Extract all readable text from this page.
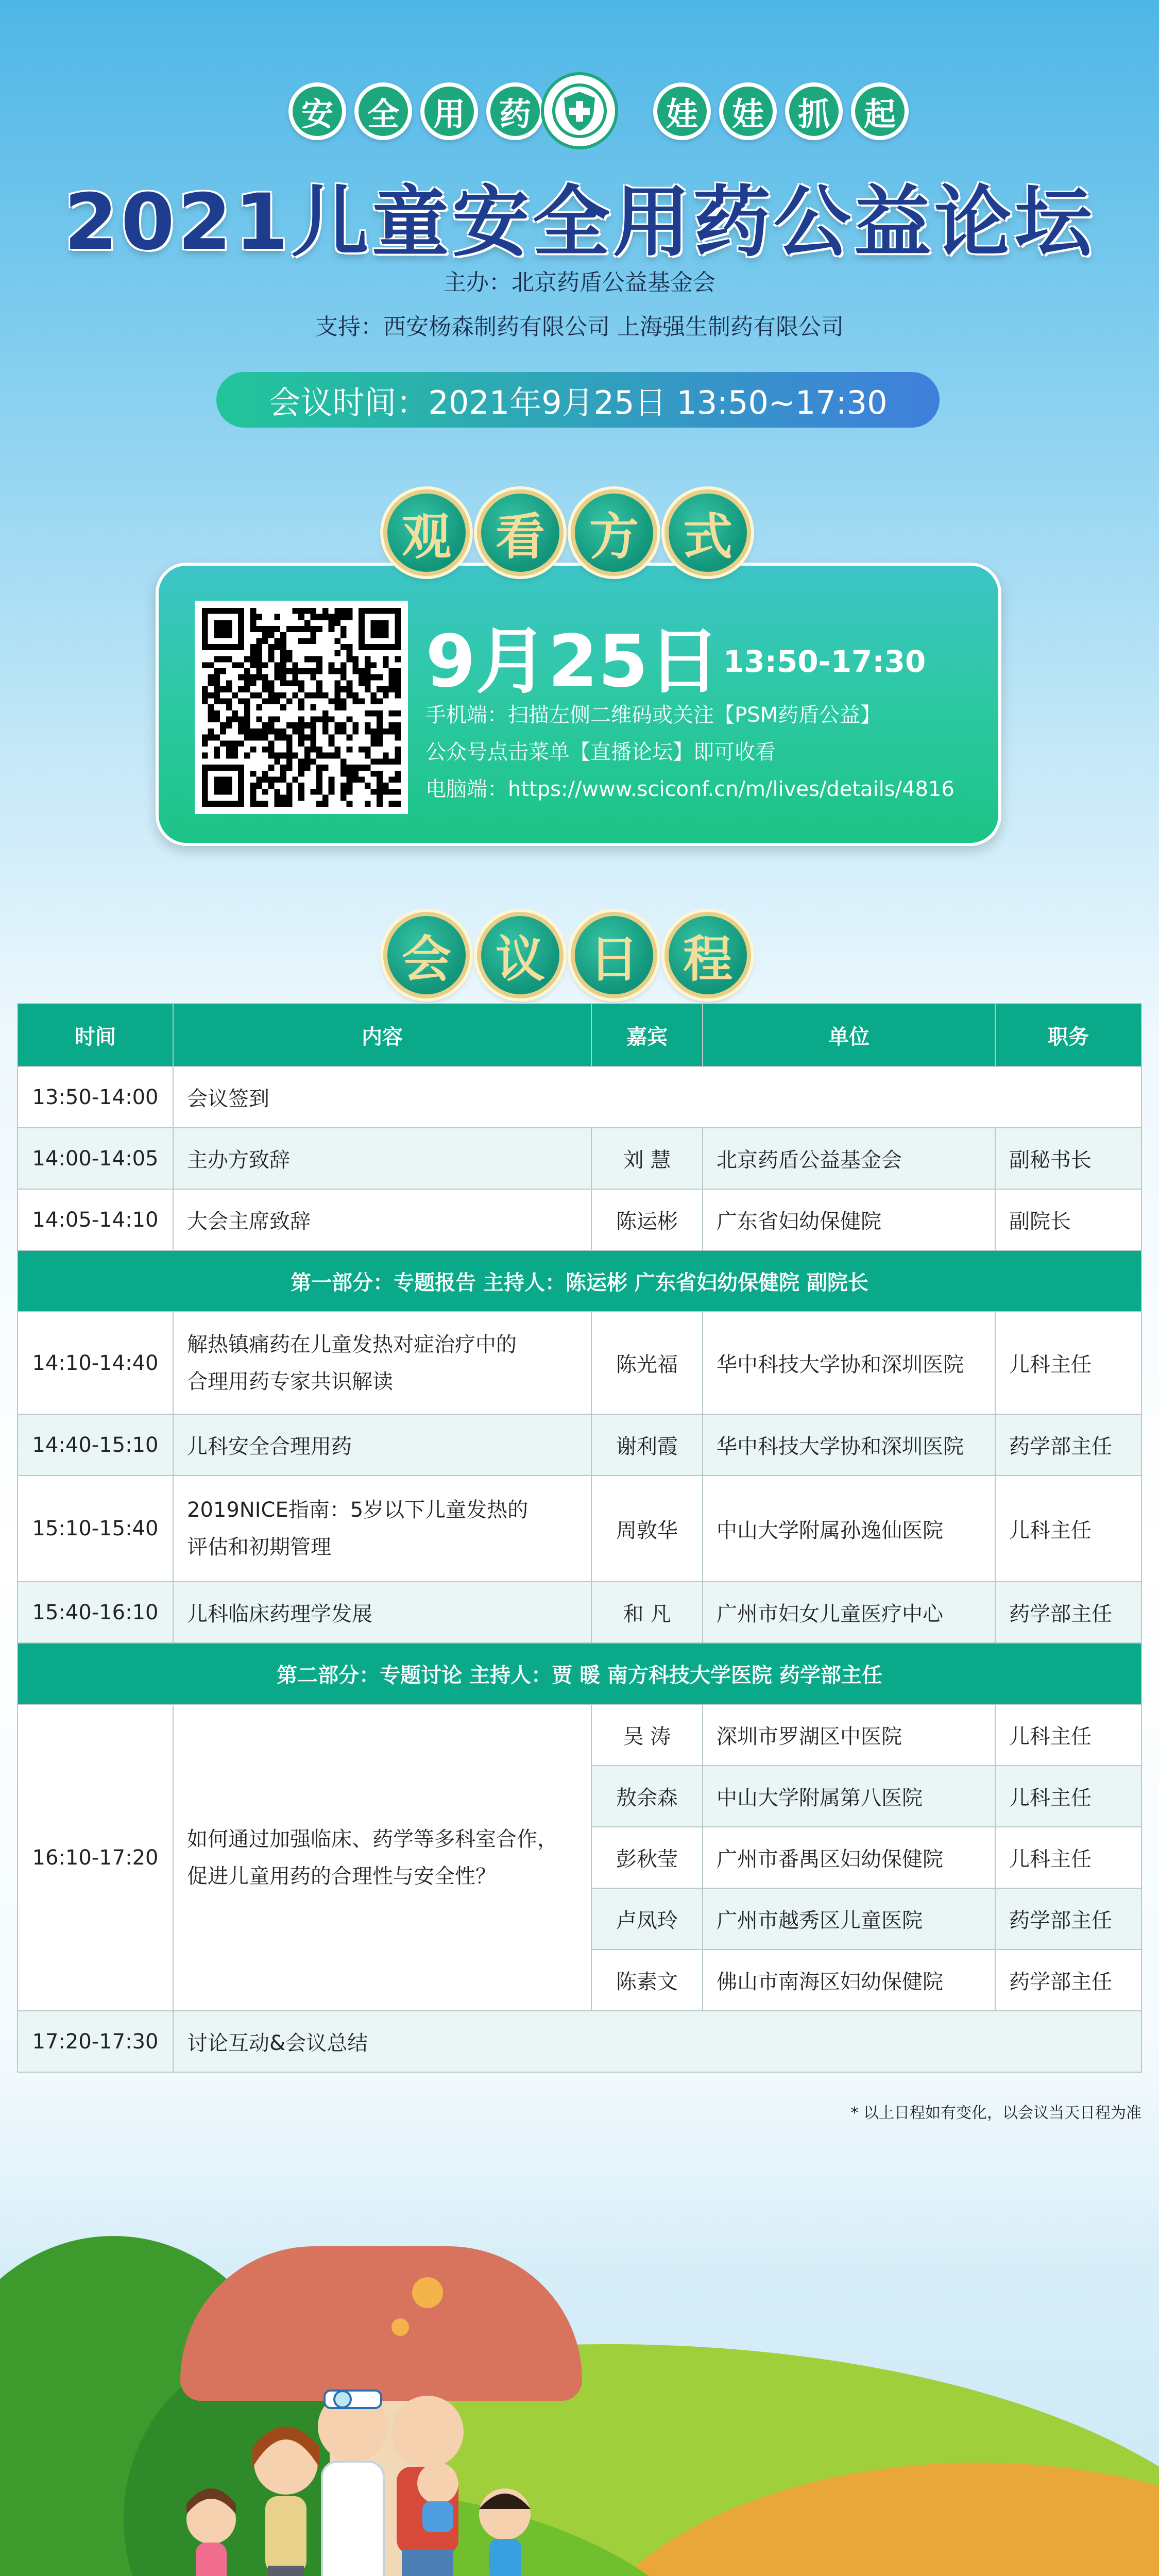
安	全	用	药	娃	娃	抓	起
2021儿童安全用药公益论坛
主办：北京药盾公益基金会
支持：西安杨森制药有限公司 上海强生制药有限公司
会议时间：2021年9月25日 13:50~17:30
观 看 方 式
9月25日 13:50-17:30
手机端：扫描左侧二维码或关注【PSM药盾公益】
公众号点击菜单【直播论坛】即可收看
电脑端：https://www.sciconf.cn/m/lives/details/4816
会 议 日 程
时间	内容	嘉宾	单位	职务
13:50-14:00	会议签到			
14:00-14:05	主办方致辞	刘 慧	北京药盾公益基金会	副秘书长
14:05-14:10	大会主席致辞	陈运彬	广东省妇幼保健院	副院长
第一部分：专题报告 主持人：陈运彬 广东省妇幼保健院 副院长				
14:10-14:40	解热镇痛药在儿童发热对症治疗中的
合理用药专家共识解读	陈光福	华中科技大学协和深圳医院	儿科主任
14:40-15:10	儿科安全合理用药	谢利霞	华中科技大学协和深圳医院	药学部主任
15:10-15:40	2019NICE指南：5岁以下儿童发热的
评估和初期管理	周敦华	中山大学附属孙逸仙医院	儿科主任
15:40-16:10	儿科临床药理学发展	和 凡	广州市妇女儿童医疗中心	药学部主任
第二部分：专题讨论 主持人：贾 暖 南方科技大学医院 药学部主任				
16:10-17:20	如何通过加强临床、药学等多科室合作，
促进儿童用药的合理性与安全性？	吴 涛	深圳市罗湖区中医院	儿科主任
		敖余森	中山大学附属第八医院	儿科主任
		彭秋莹	广州市番禺区妇幼保健院	儿科主任
		卢凤玲	广州市越秀区儿童医院	药学部主任
		陈素文	佛山市南海区妇幼保健院	药学部主任
17:20-17:30	讨论互动&会议总结			
* 以上日程如有变化，以会议当天日程为准
